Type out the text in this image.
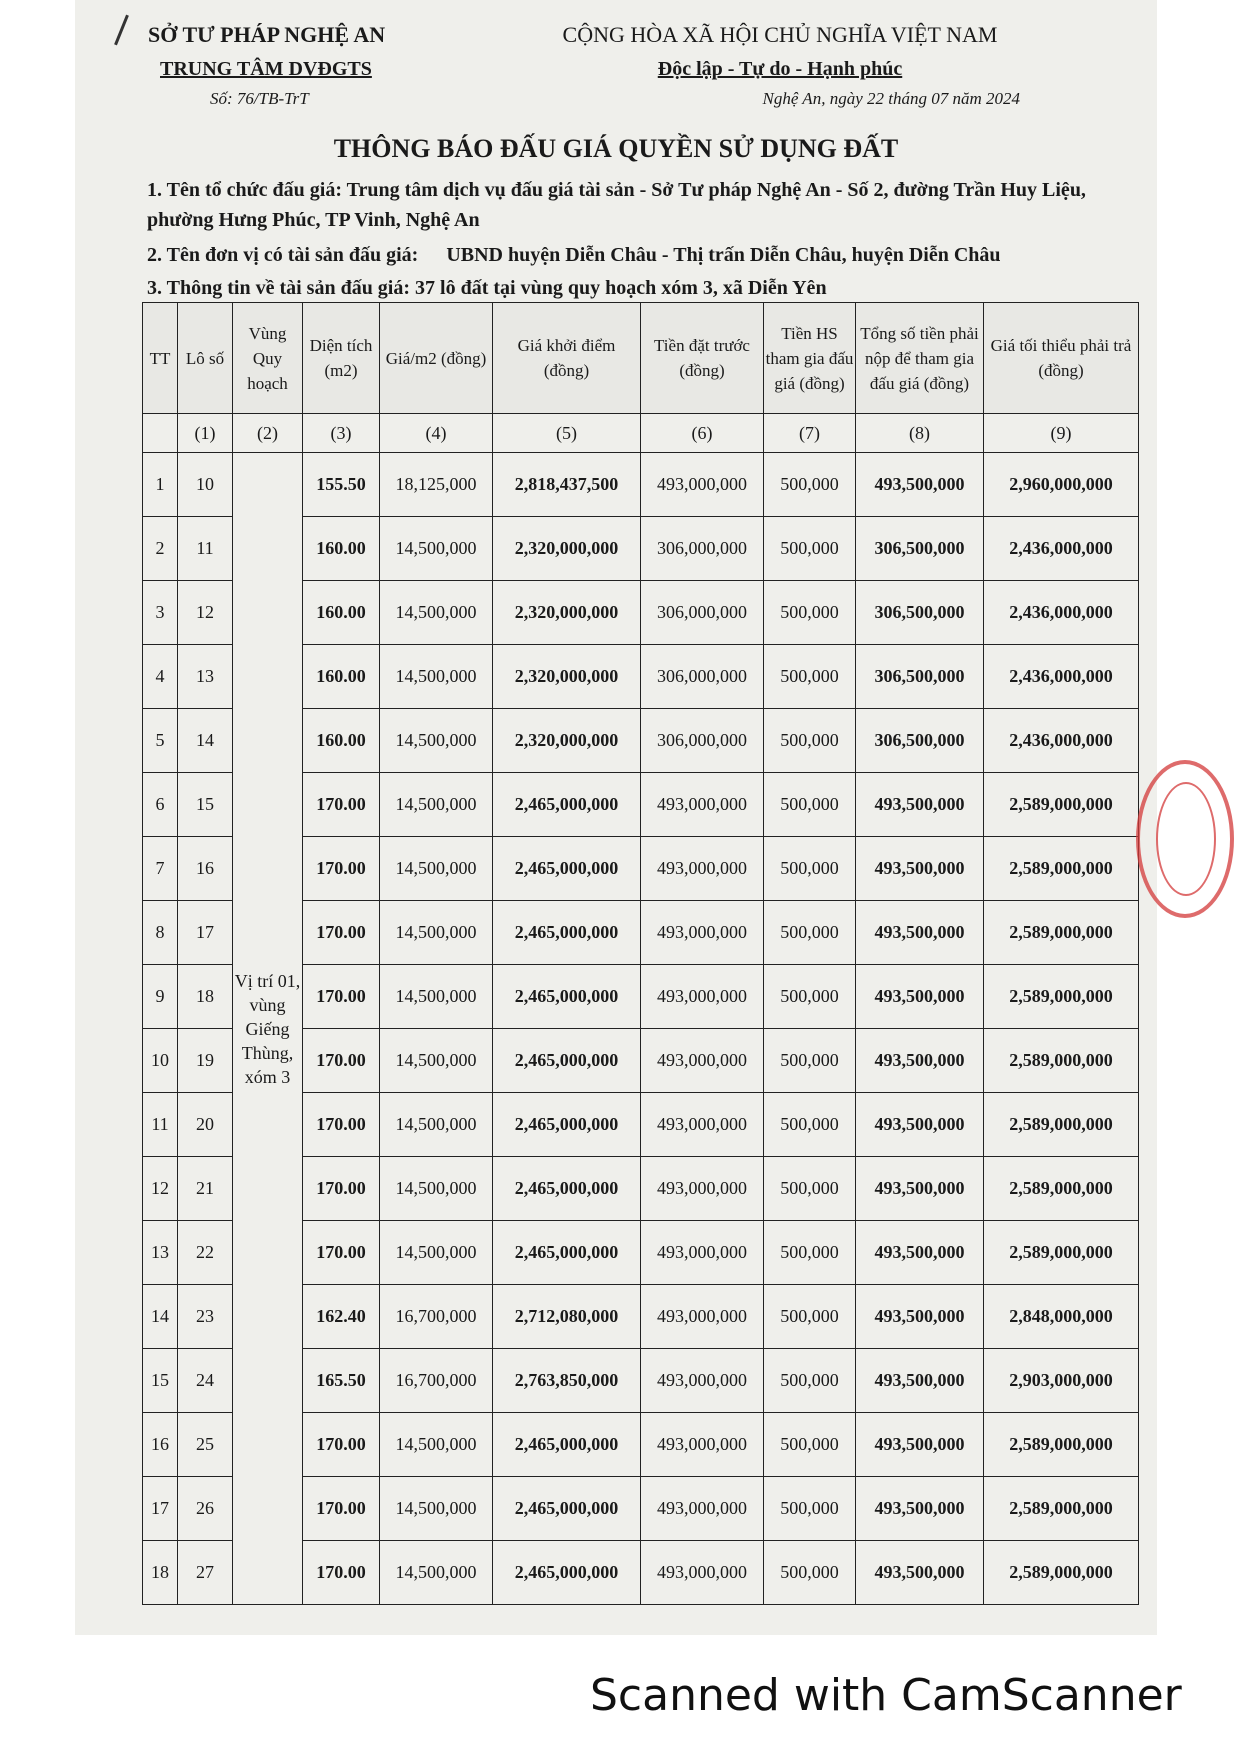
SỞ TƯ PHÁP NGHỆ AN
TRUNG TÂM DVĐGTS
Số: 76/TB-TrT
CỘNG HÒA XÃ HỘI CHỦ NGHĨA VIỆT NAM
Độc lập - Tự do - Hạnh phúc
Nghệ An, ngày 22 tháng 07 năm 2024
THÔNG BÁO ĐẤU GIÁ QUYỀN SỬ DỤNG ĐẤT
1. Tên tổ chức đấu giá: Trung tâm dịch vụ đấu giá tài sản - Sở Tư pháp Nghệ An - Số 2, đường Trần Huy Liệu, phường Hưng Phúc, TP Vinh, Nghệ An
2. Tên đơn vị có tài sản đấu giá: UBND huyện Diễn Châu - Thị trấn Diễn Châu, huyện Diễn Châu
3. Thông tin về tài sản đấu giá: 37 lô đất tại vùng quy hoạch xóm 3, xã Diễn Yên
TT	Lô số	Vùng Quy hoạch	Diện tích (m2)	Giá/m2 (đồng)	Giá khởi điểm (đồng)	Tiền đặt trước (đồng)	Tiền HS tham gia đấu giá (đồng)	Tổng số tiền phải nộp để tham gia đấu giá (đồng)	Giá tối thiểu phải trả (đồng)
	(1)	(2)	(3)	(4)	(5)	(6)	(7)	(8)	(9)
1	10	Vị trí 01, vùng Giếng Thùng, xóm 3	155.50	18,125,000	2,818,437,500	493,000,000	500,000	493,500,000	2,960,000,000
2	11		160.00	14,500,000	2,320,000,000	306,000,000	500,000	306,500,000	2,436,000,000
3	12		160.00	14,500,000	2,320,000,000	306,000,000	500,000	306,500,000	2,436,000,000
4	13		160.00	14,500,000	2,320,000,000	306,000,000	500,000	306,500,000	2,436,000,000
5	14		160.00	14,500,000	2,320,000,000	306,000,000	500,000	306,500,000	2,436,000,000
6	15		170.00	14,500,000	2,465,000,000	493,000,000	500,000	493,500,000	2,589,000,000
7	16		170.00	14,500,000	2,465,000,000	493,000,000	500,000	493,500,000	2,589,000,000
8	17		170.00	14,500,000	2,465,000,000	493,000,000	500,000	493,500,000	2,589,000,000
9	18		170.00	14,500,000	2,465,000,000	493,000,000	500,000	493,500,000	2,589,000,000
10	19		170.00	14,500,000	2,465,000,000	493,000,000	500,000	493,500,000	2,589,000,000
11	20		170.00	14,500,000	2,465,000,000	493,000,000	500,000	493,500,000	2,589,000,000
12	21		170.00	14,500,000	2,465,000,000	493,000,000	500,000	493,500,000	2,589,000,000
13	22		170.00	14,500,000	2,465,000,000	493,000,000	500,000	493,500,000	2,589,000,000
14	23		162.40	16,700,000	2,712,080,000	493,000,000	500,000	493,500,000	2,848,000,000
15	24		165.50	16,700,000	2,763,850,000	493,000,000	500,000	493,500,000	2,903,000,000
16	25		170.00	14,500,000	2,465,000,000	493,000,000	500,000	493,500,000	2,589,000,000
17	26		170.00	14,500,000	2,465,000,000	493,000,000	500,000	493,500,000	2,589,000,000
18	27		170.00	14,500,000	2,465,000,000	493,000,000	500,000	493,500,000	2,589,000,000
Scanned with CamScanner
